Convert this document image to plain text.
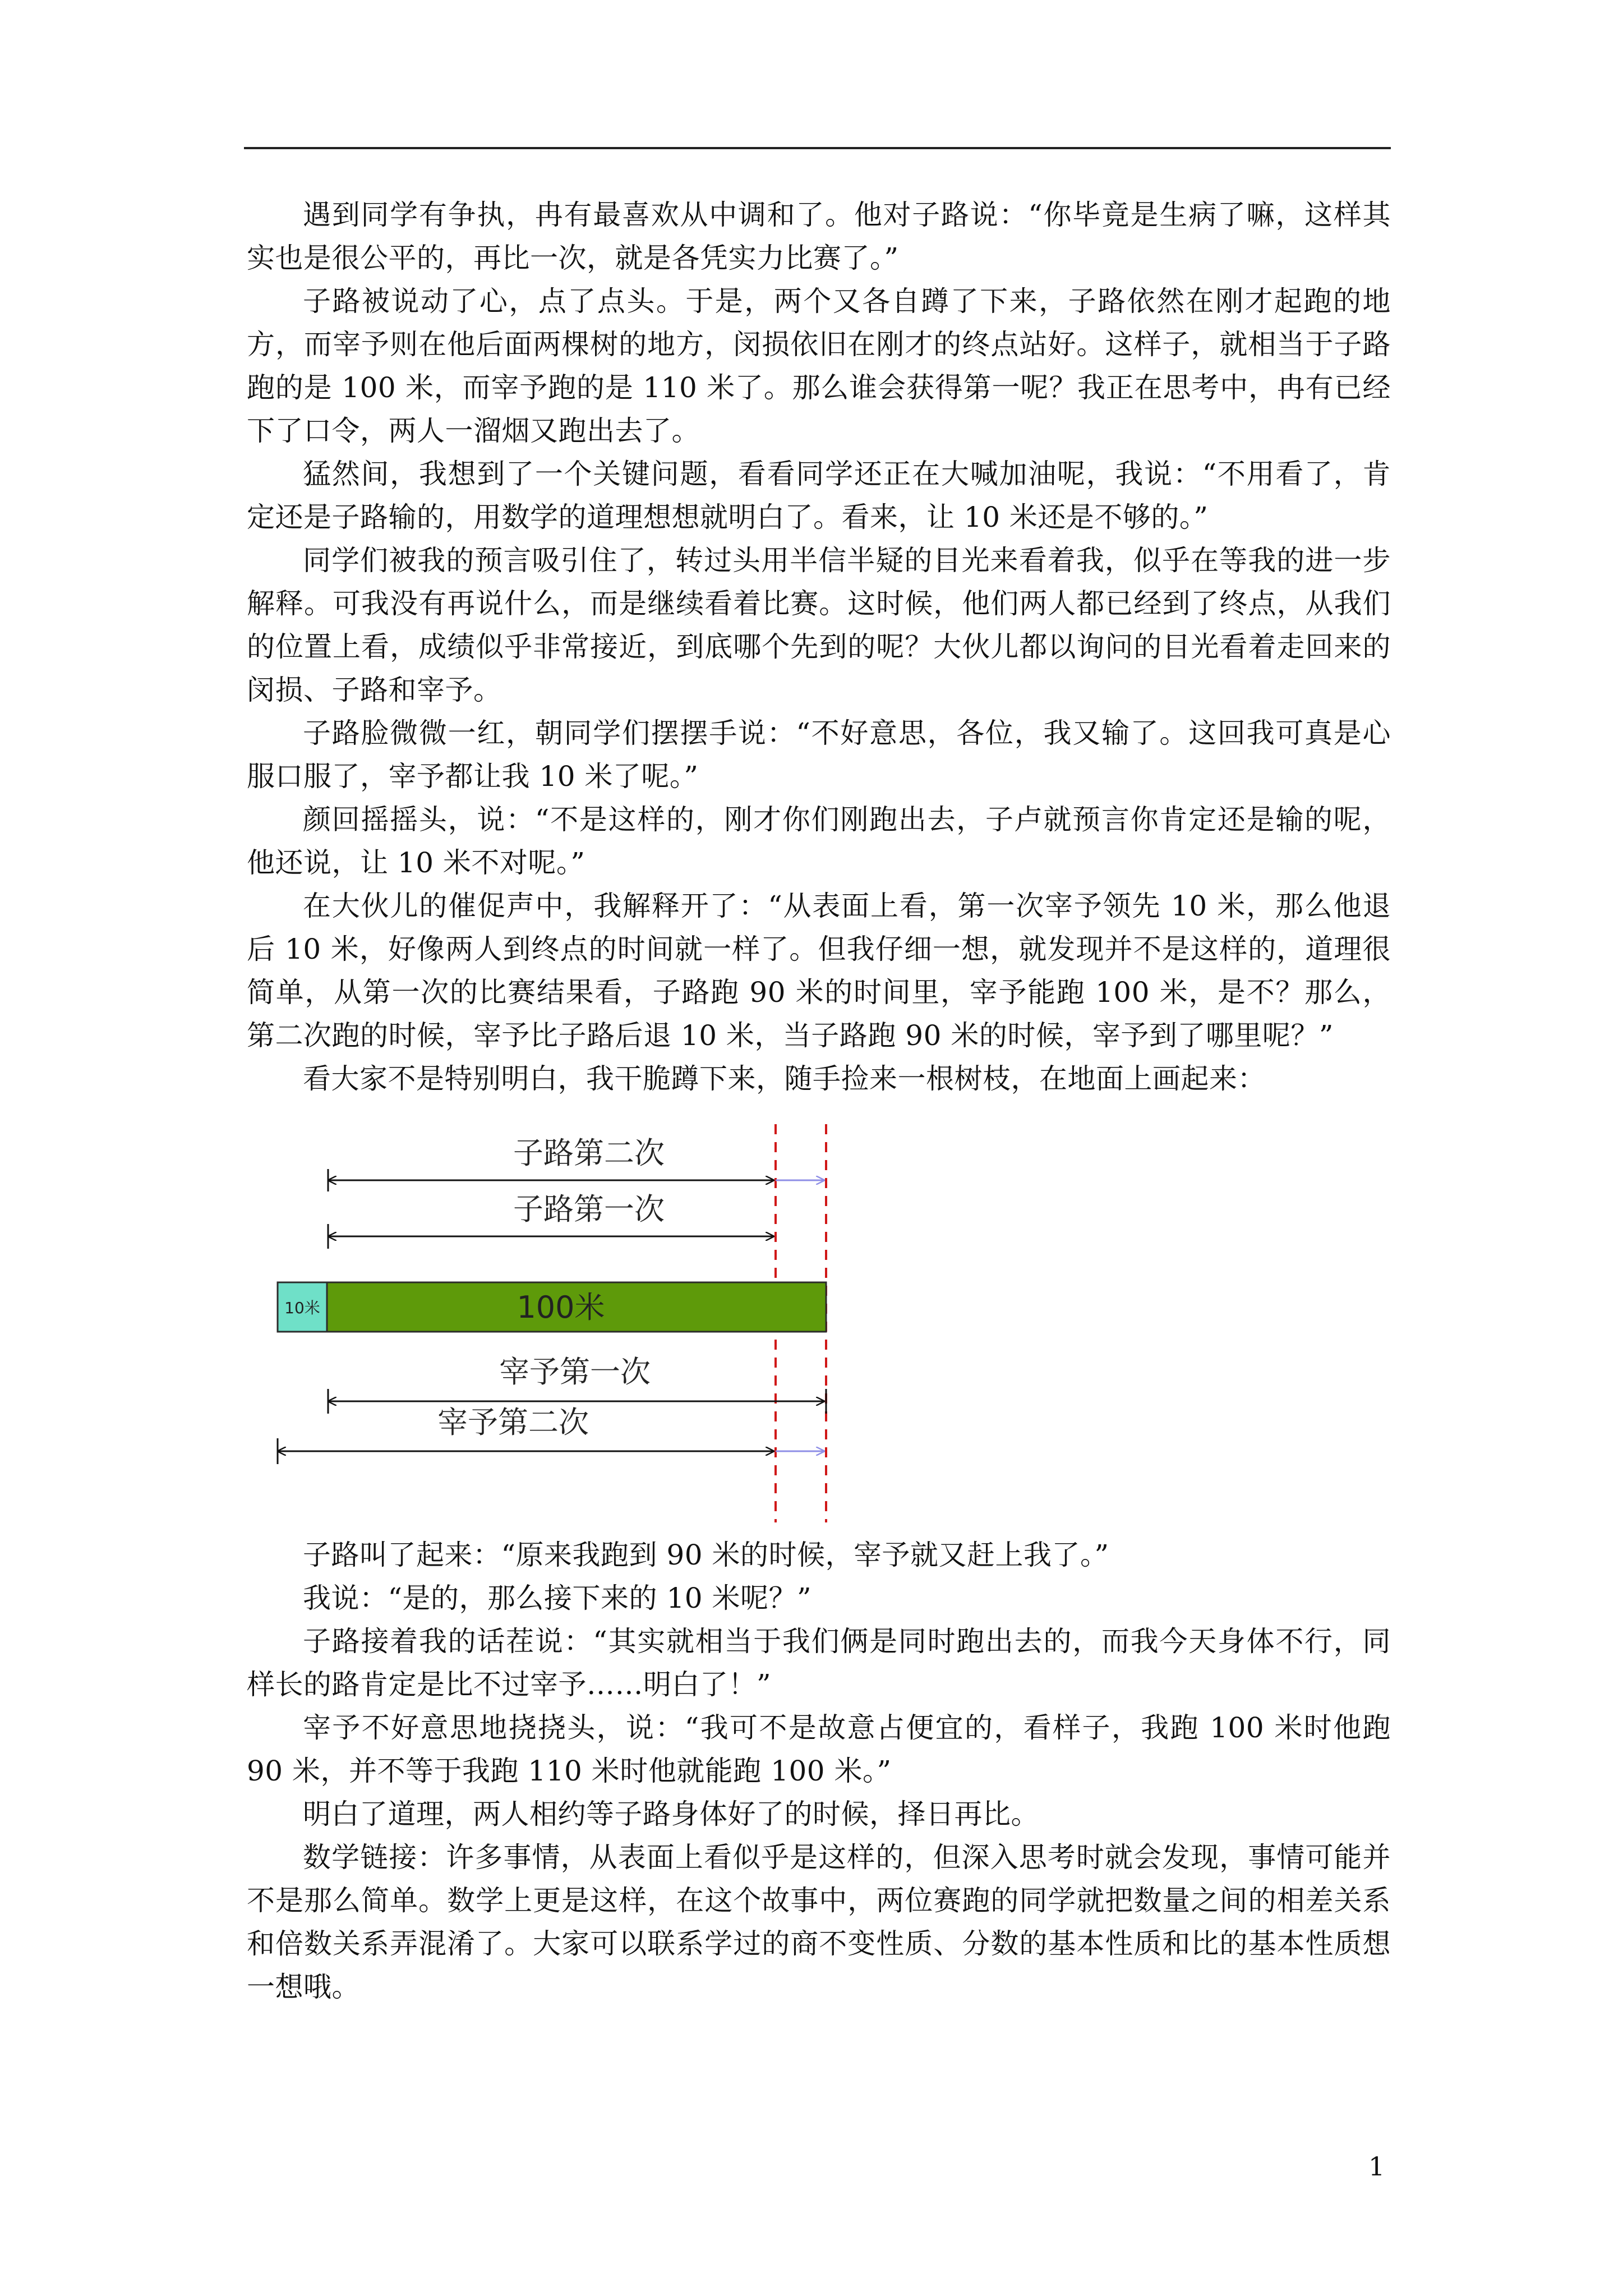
遇到同学有争执，冉有最喜欢从中调和了。他对子路说：“你毕竟是生病了嘛，这样其实也是很公平的，再比一次，就是各凭实力比赛了。”

子路被说动了心，点了点头。于是，两个又各自蹲了下来，子路依然在刚才起跑的地方，而宰予则在他后面两棵树的地方，闵损依旧在刚才的终点站好。这样子，就相当于子路跑的是 100 米，而宰予跑的是 110 米了。那么谁会获得第一呢？我正在思考中，冉有已经下了口令，两人一溜烟又跑出去了。

猛然间，我想到了一个关键问题，看看同学还正在大喊加油呢，我说：“不用看了，肯定还是子路输的，用数学的道理想想就明白了。看来，让 10 米还是不够的。”

同学们被我的预言吸引住了，转过头用半信半疑的目光来看着我，似乎在等我的进一步解释。可我没有再说什么，而是继续看着比赛。这时候，他们两人都已经到了终点，从我们的位置上看，成绩似乎非常接近，到底哪个先到的呢？大伙儿都以询问的目光看着走回来的闵损、子路和宰予。

子路脸微微一红，朝同学们摆摆手说：“不好意思，各位，我又输了。这回我可真是心服口服了，宰予都让我 10 米了呢。”

颜回摇摇头，说：“不是这样的，刚才你们刚跑出去，子卢就预言你肯定还是输的呢，他还说，让 10 米不对呢。”

在大伙儿的催促声中，我解释开了：“从表面上看，第一次宰予领先 10 米，那么他退后 10 米，好像两人到终点的时间就一样了。但我仔细一想，就发现并不是这样的，道理很简单，从第一次的比赛结果看，子路跑 90 米的时间里，宰予能跑 100 米，是不？那么，第二次跑的时候，宰予比子路后退 10 米，当子路跑 90 米的时候，宰予到了哪里呢？”

看大家不是特别明白，我干脆蹲下来，随手捡来一根树枝，在地面上画起来：

子路第二次
子路第一次
10米	100米
宰予第一次
宰予第二次

子路叫了起来：“原来我跑到 90 米的时候，宰予就又赶上我了。”

我说：“是的，那么接下来的 10 米呢？”

子路接着我的话茬说：“其实就相当于我们俩是同时跑出去的，而我今天身体不行，同样长的路肯定是比不过宰予……明白了！”

宰予不好意思地挠挠头，说：“我可不是故意占便宜的，看样子，我跑 100 米时他跑 90 米，并不等于我跑 110 米时他就能跑 100 米。”

明白了道理，两人相约等子路身体好了的时候，择日再比。

数学链接：许多事情，从表面上看似乎是这样的，但深入思考时就会发现，事情可能并不是那么简单。数学上更是这样，在这个故事中，两位赛跑的同学就把数量之间的相差关系和倍数关系弄混淆了。大家可以联系学过的商不变性质、分数的基本性质和比的基本性质想一想哦。

1
